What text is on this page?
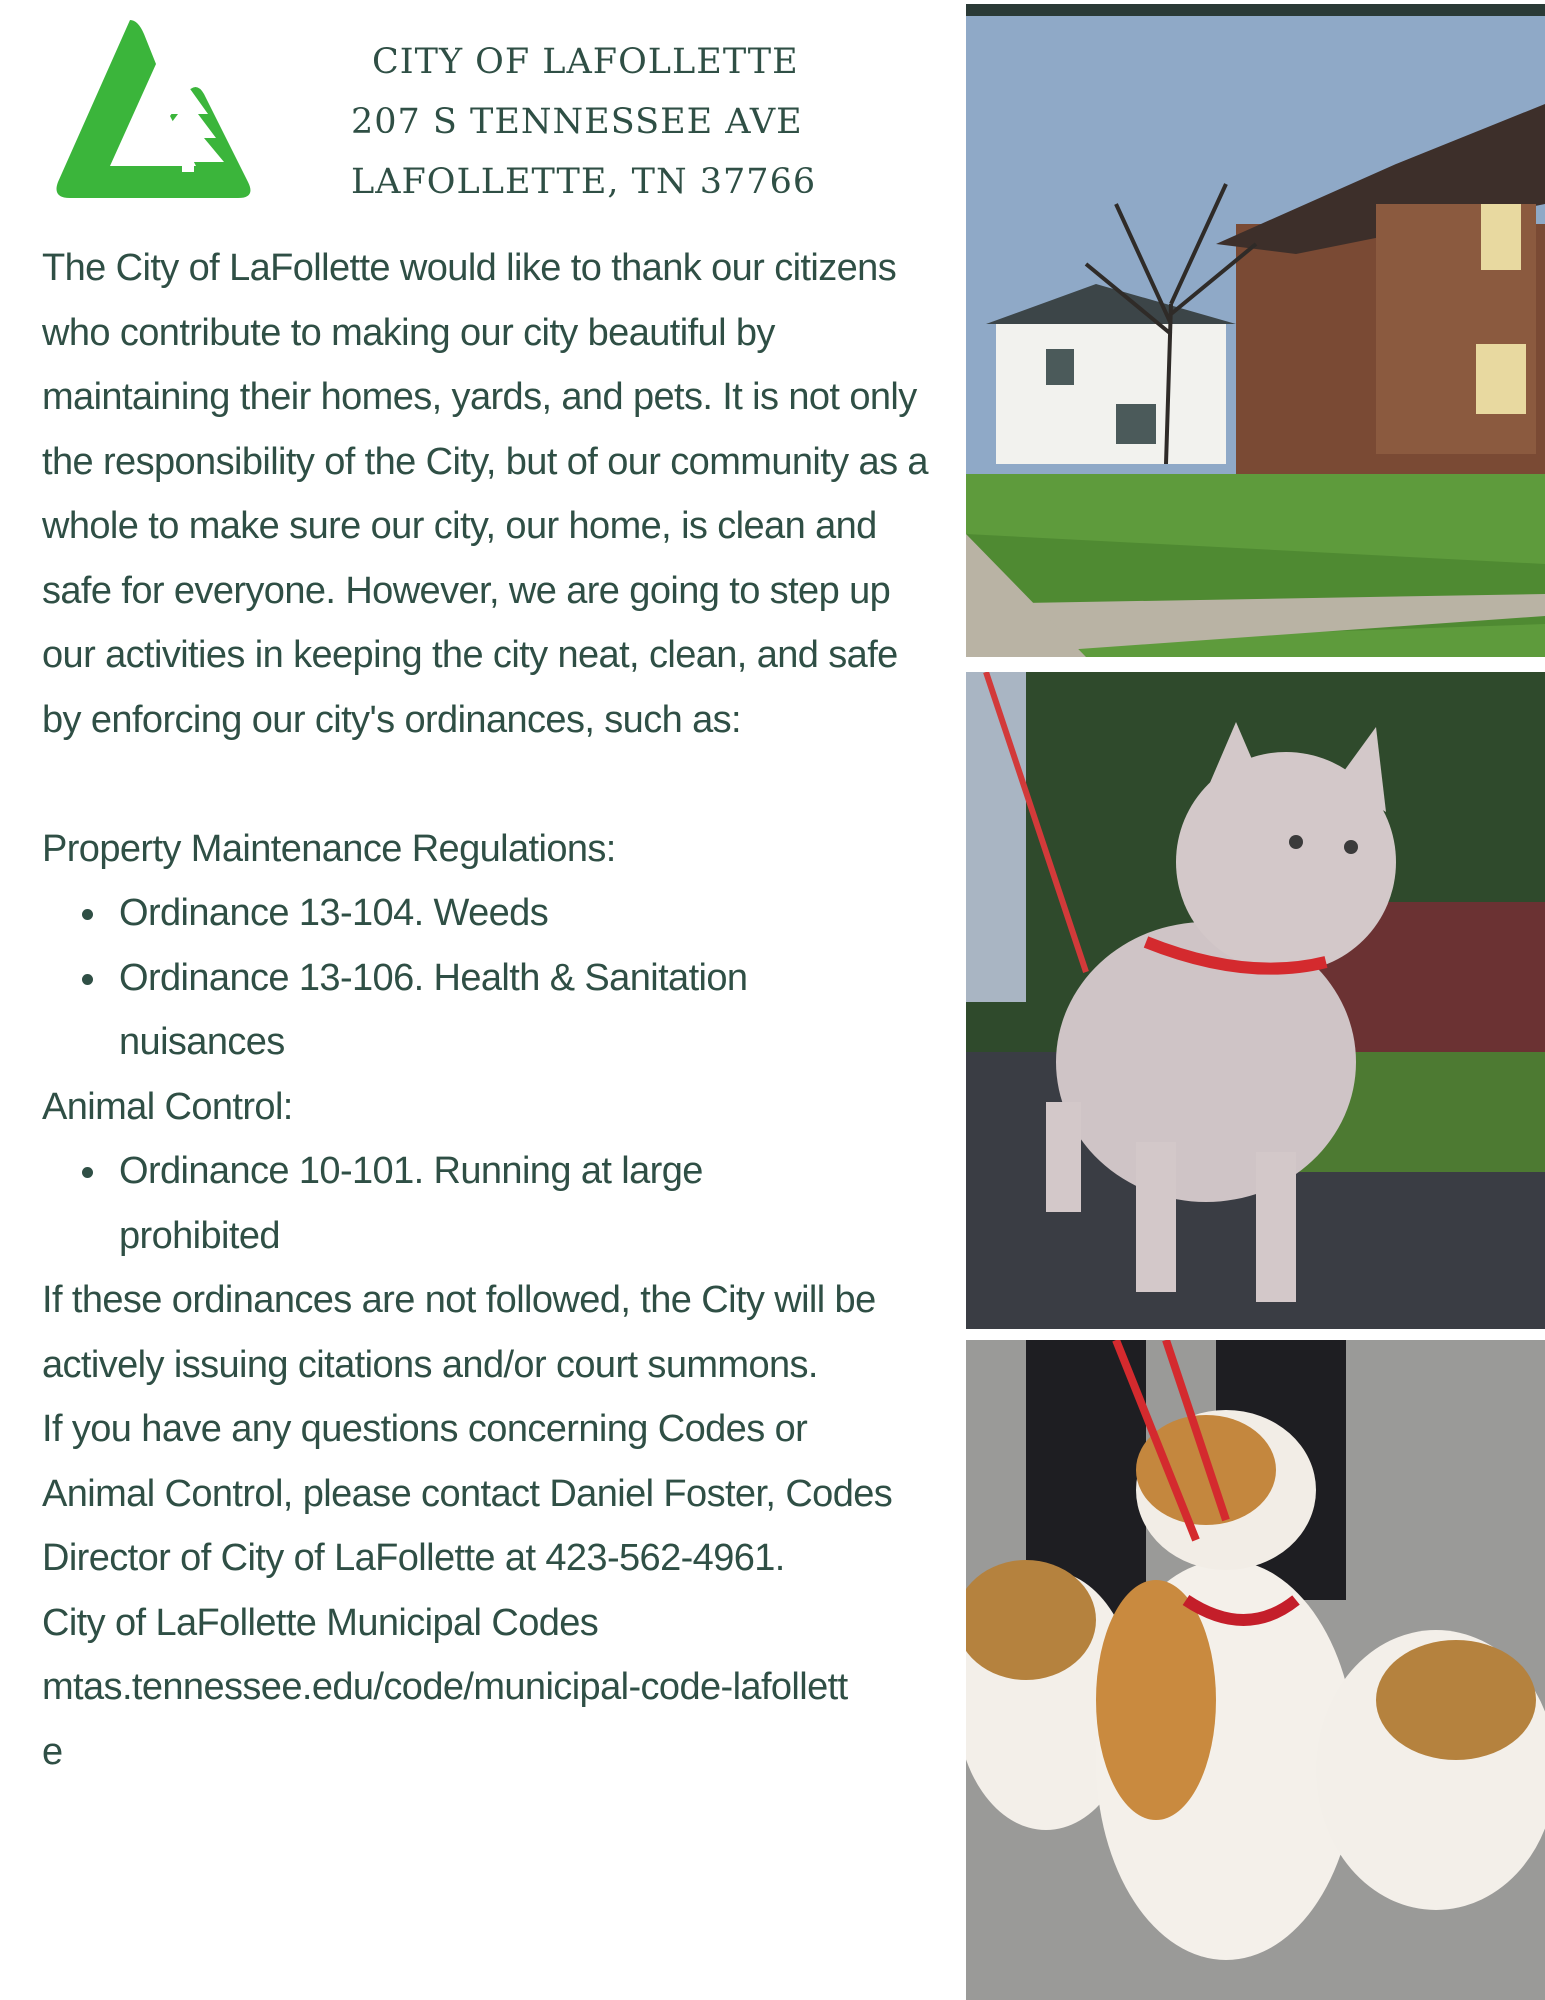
CITY OF LAFOLLETTE
207 S TENNESSEE AVE
LAFOLLETTE, TN 37766

The City of LaFollette would like to thank our citizens who contribute to making our city beautiful by maintaining their homes, yards, and pets. It is not only the responsibility of the City, but of our community as a whole to make sure our city, our home, is clean and safe for everyone. However, we are going to step up our activities in keeping the city neat, clean, and safe by enforcing our city's ordinances, such as:

Property Maintenance Regulations:

Ordinance 13-104. Weeds
Ordinance 13-106. Health & Sanitation nuisances

Animal Control:

Ordinance 10-101. Running at large prohibited

If these ordinances are not followed, the City will be actively issuing citations and/or court summons.

If you have any questions concerning Codes or Animal Control, please contact Daniel Foster, Codes Director of City of LaFollette at 423-562-4961.

City of LaFollette Municipal Codes

mtas.tennessee.edu/code/municipal-code-lafollette
